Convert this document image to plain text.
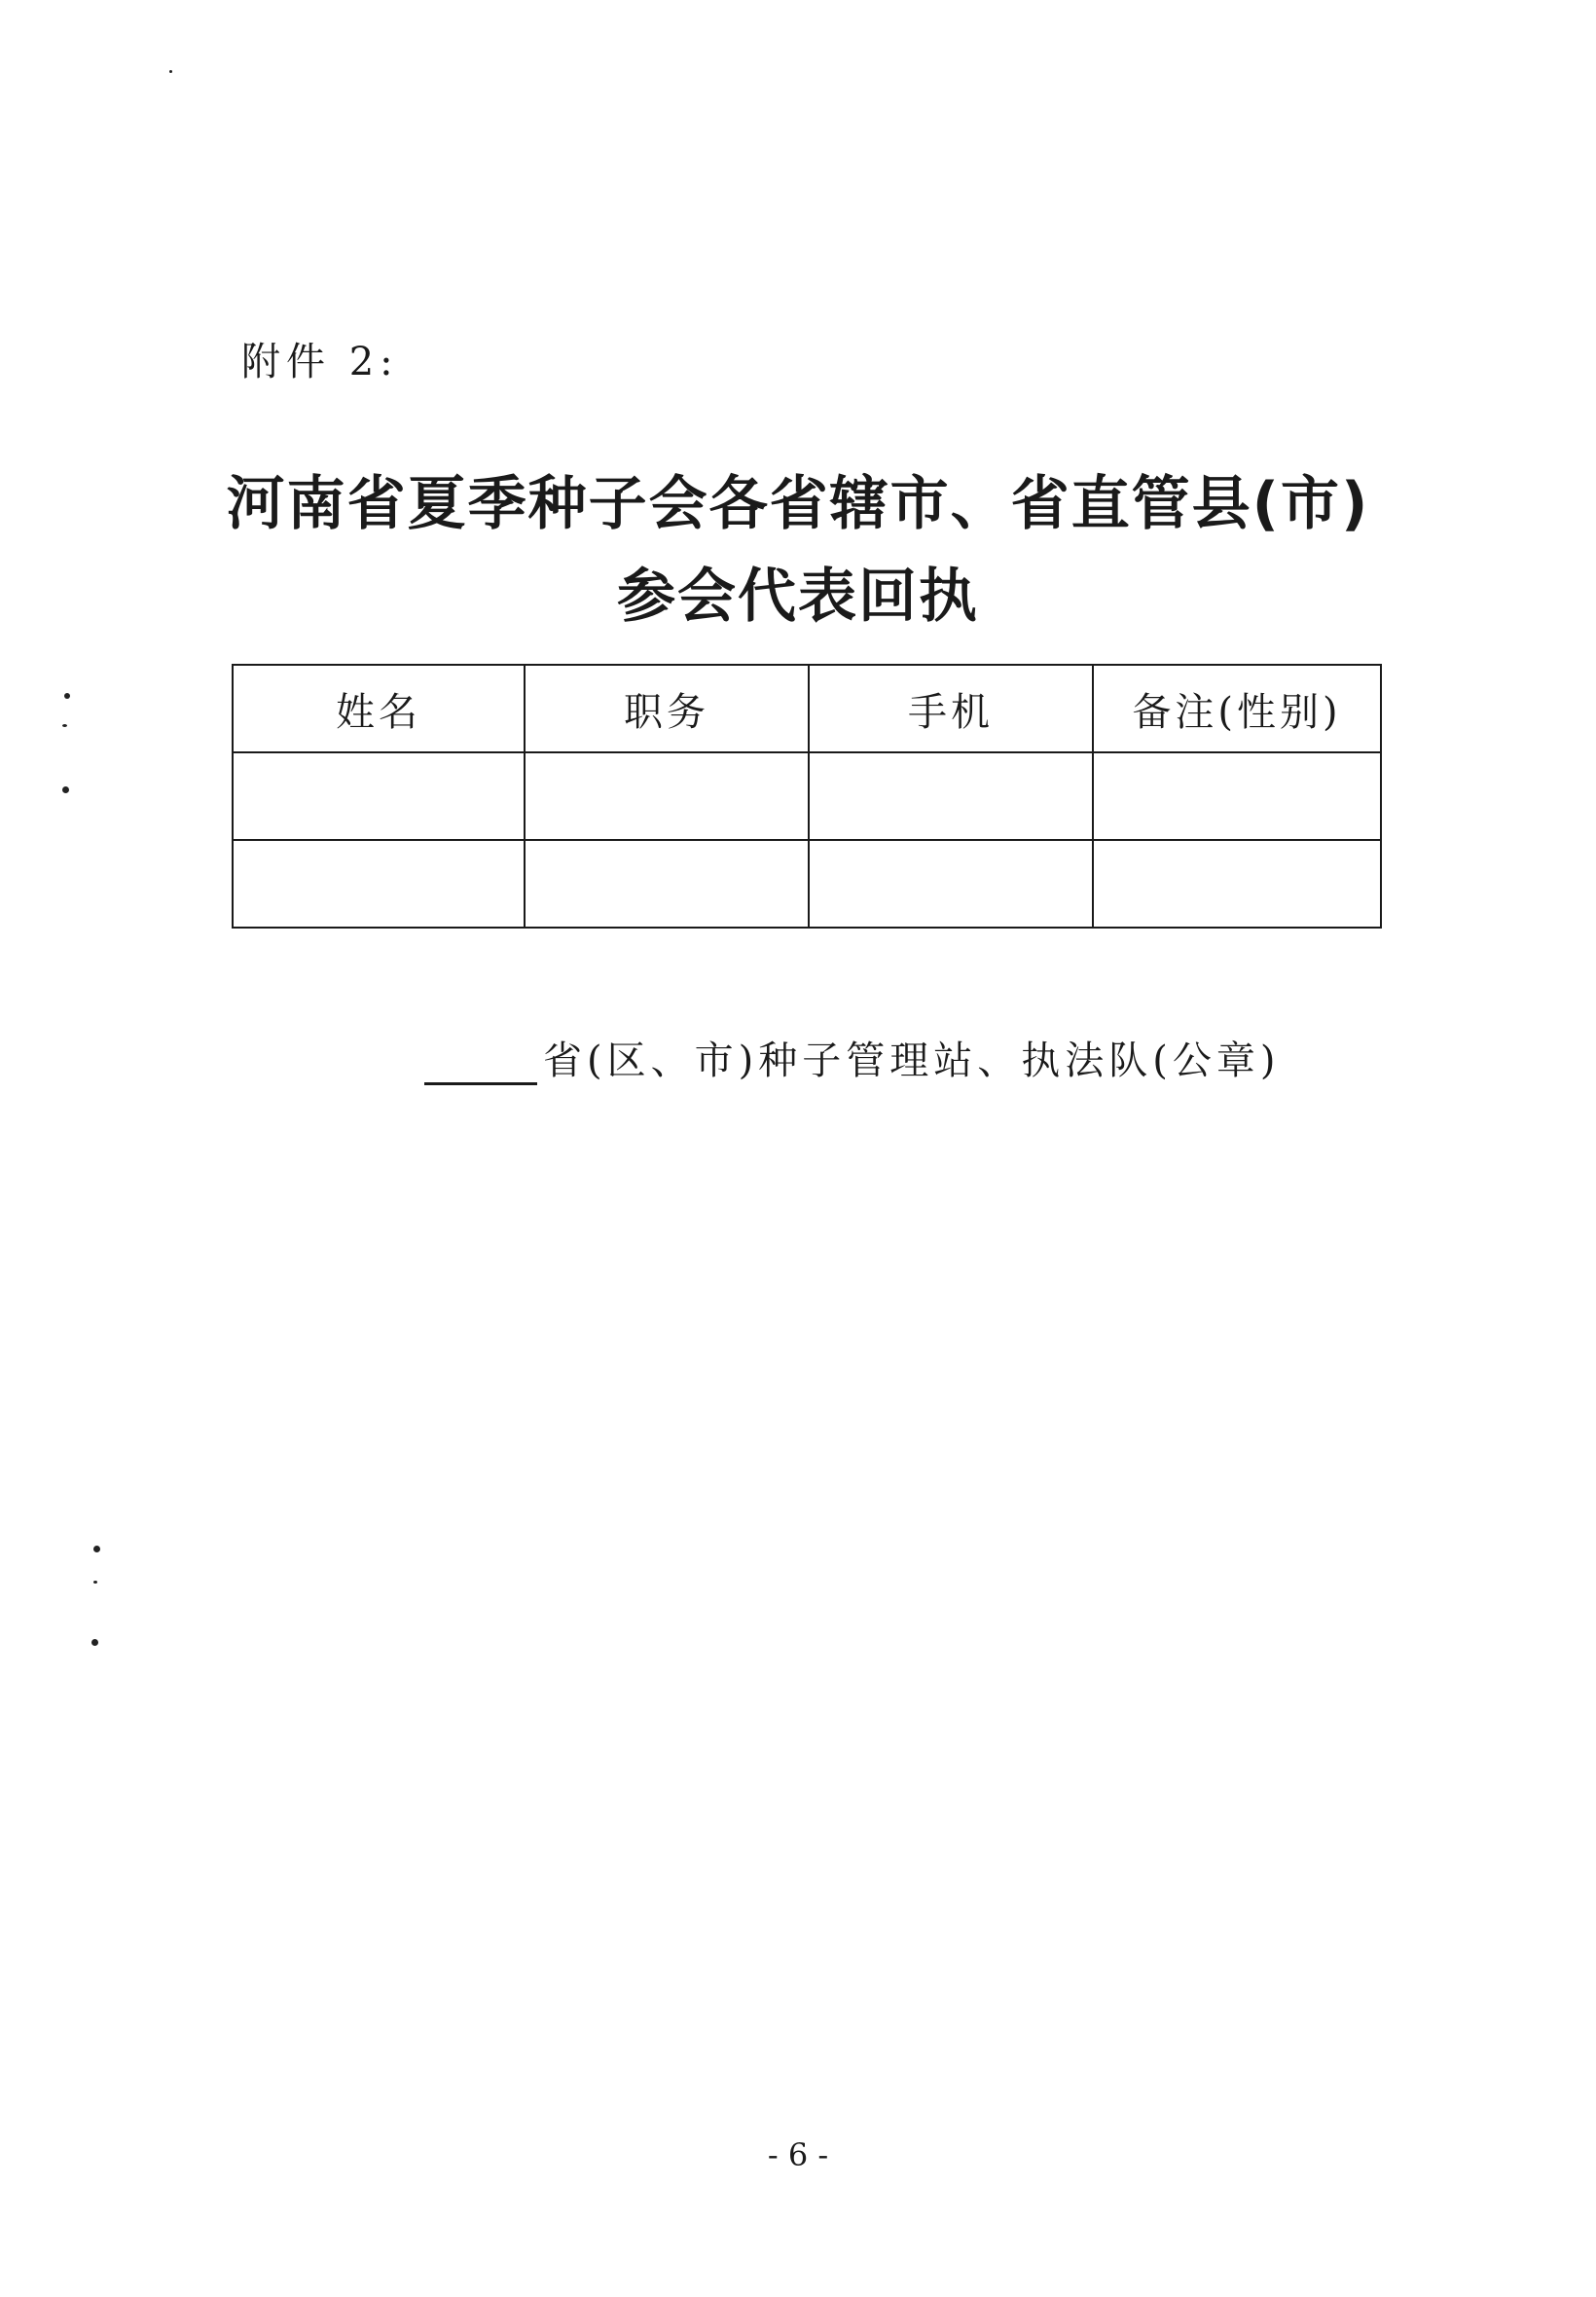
附件 2:
河南省夏季种子会各省辖市、省直管县(市)
参会代表回执
姓名	职务	手机	备注(性别)

省(区、市)种子管理站、执法队(公章)
- 6 -
